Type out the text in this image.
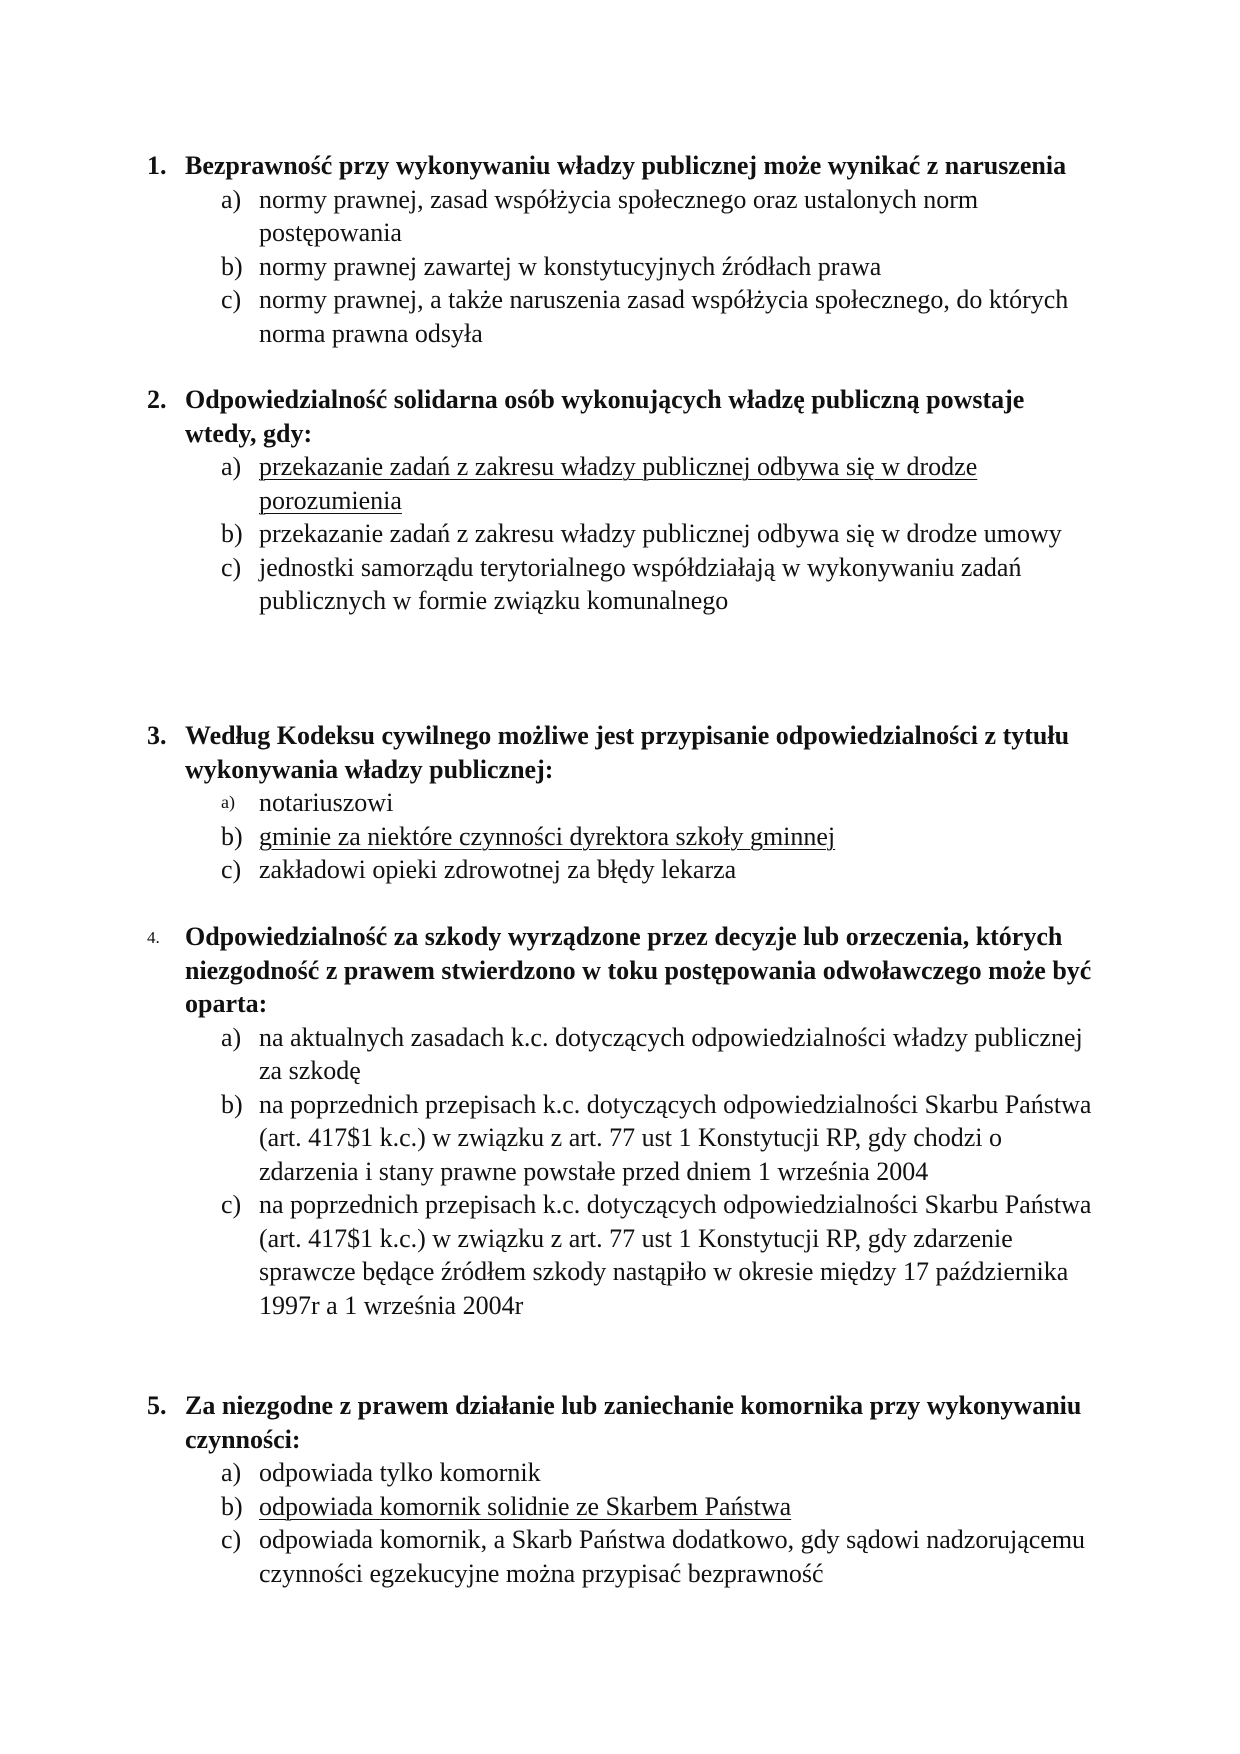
1. Bezprawność przy wykonywaniu władzy publicznej może wynikać z naruszenia
a) normy prawnej, zasad współżycia społecznego oraz ustalonych norm postępowania
b) normy prawnej zawartej w konstytucyjnych źródłach prawa
c) normy prawnej, a także naruszenia zasad współżycia społecznego, do których norma prawna odsyła
2. Odpowiedzialność solidarna osób wykonujących władzę publiczną powstaje wtedy, gdy:
a) przekazanie zadań z zakresu władzy publicznej odbywa się w drodze porozumienia
b) przekazanie zadań z zakresu władzy publicznej odbywa się w drodze umowy
c) jednostki samorządu terytorialnego współdziałają w wykonywaniu zadań publicznych w formie związku komunalnego
3. Według Kodeksu cywilnego możliwe jest przypisanie odpowiedzialności z tytułu wykonywania władzy publicznej:
a) notariuszowi
b) gminie za niektóre czynności dyrektora szkoły gminnej
c) zakładowi opieki zdrowotnej za błędy lekarza
4. Odpowiedzialność za szkody wyrządzone przez decyzje lub orzeczenia, których niezgodność z prawem stwierdzono w toku postępowania odwoławczego może być oparta:
a) na aktualnych zasadach k.c. dotyczących odpowiedzialności władzy publicznej za szkodę
b) na poprzednich przepisach k.c. dotyczących odpowiedzialności Skarbu Państwa (art. 417$1 k.c.) w związku z art. 77 ust 1 Konstytucji RP, gdy chodzi o zdarzenia i stany prawne powstałe przed dniem 1 września 2004
c) na poprzednich przepisach k.c. dotyczących odpowiedzialności Skarbu Państwa (art. 417$1 k.c.) w związku z art. 77 ust 1 Konstytucji RP, gdy zdarzenie sprawcze będące źródłem szkody nastąpiło w okresie między 17 października 1997r a 1 września 2004r
5. Za niezgodne z prawem działanie lub zaniechanie komornika przy wykonywaniu czynności:
a) odpowiada tylko komornik
b) odpowiada komornik solidnie ze Skarbem Państwa
c) odpowiada komornik, a Skarb Państwa dodatkowo, gdy sądowi nadzorującemu czynności egzekucyjne można przypisać bezprawność
